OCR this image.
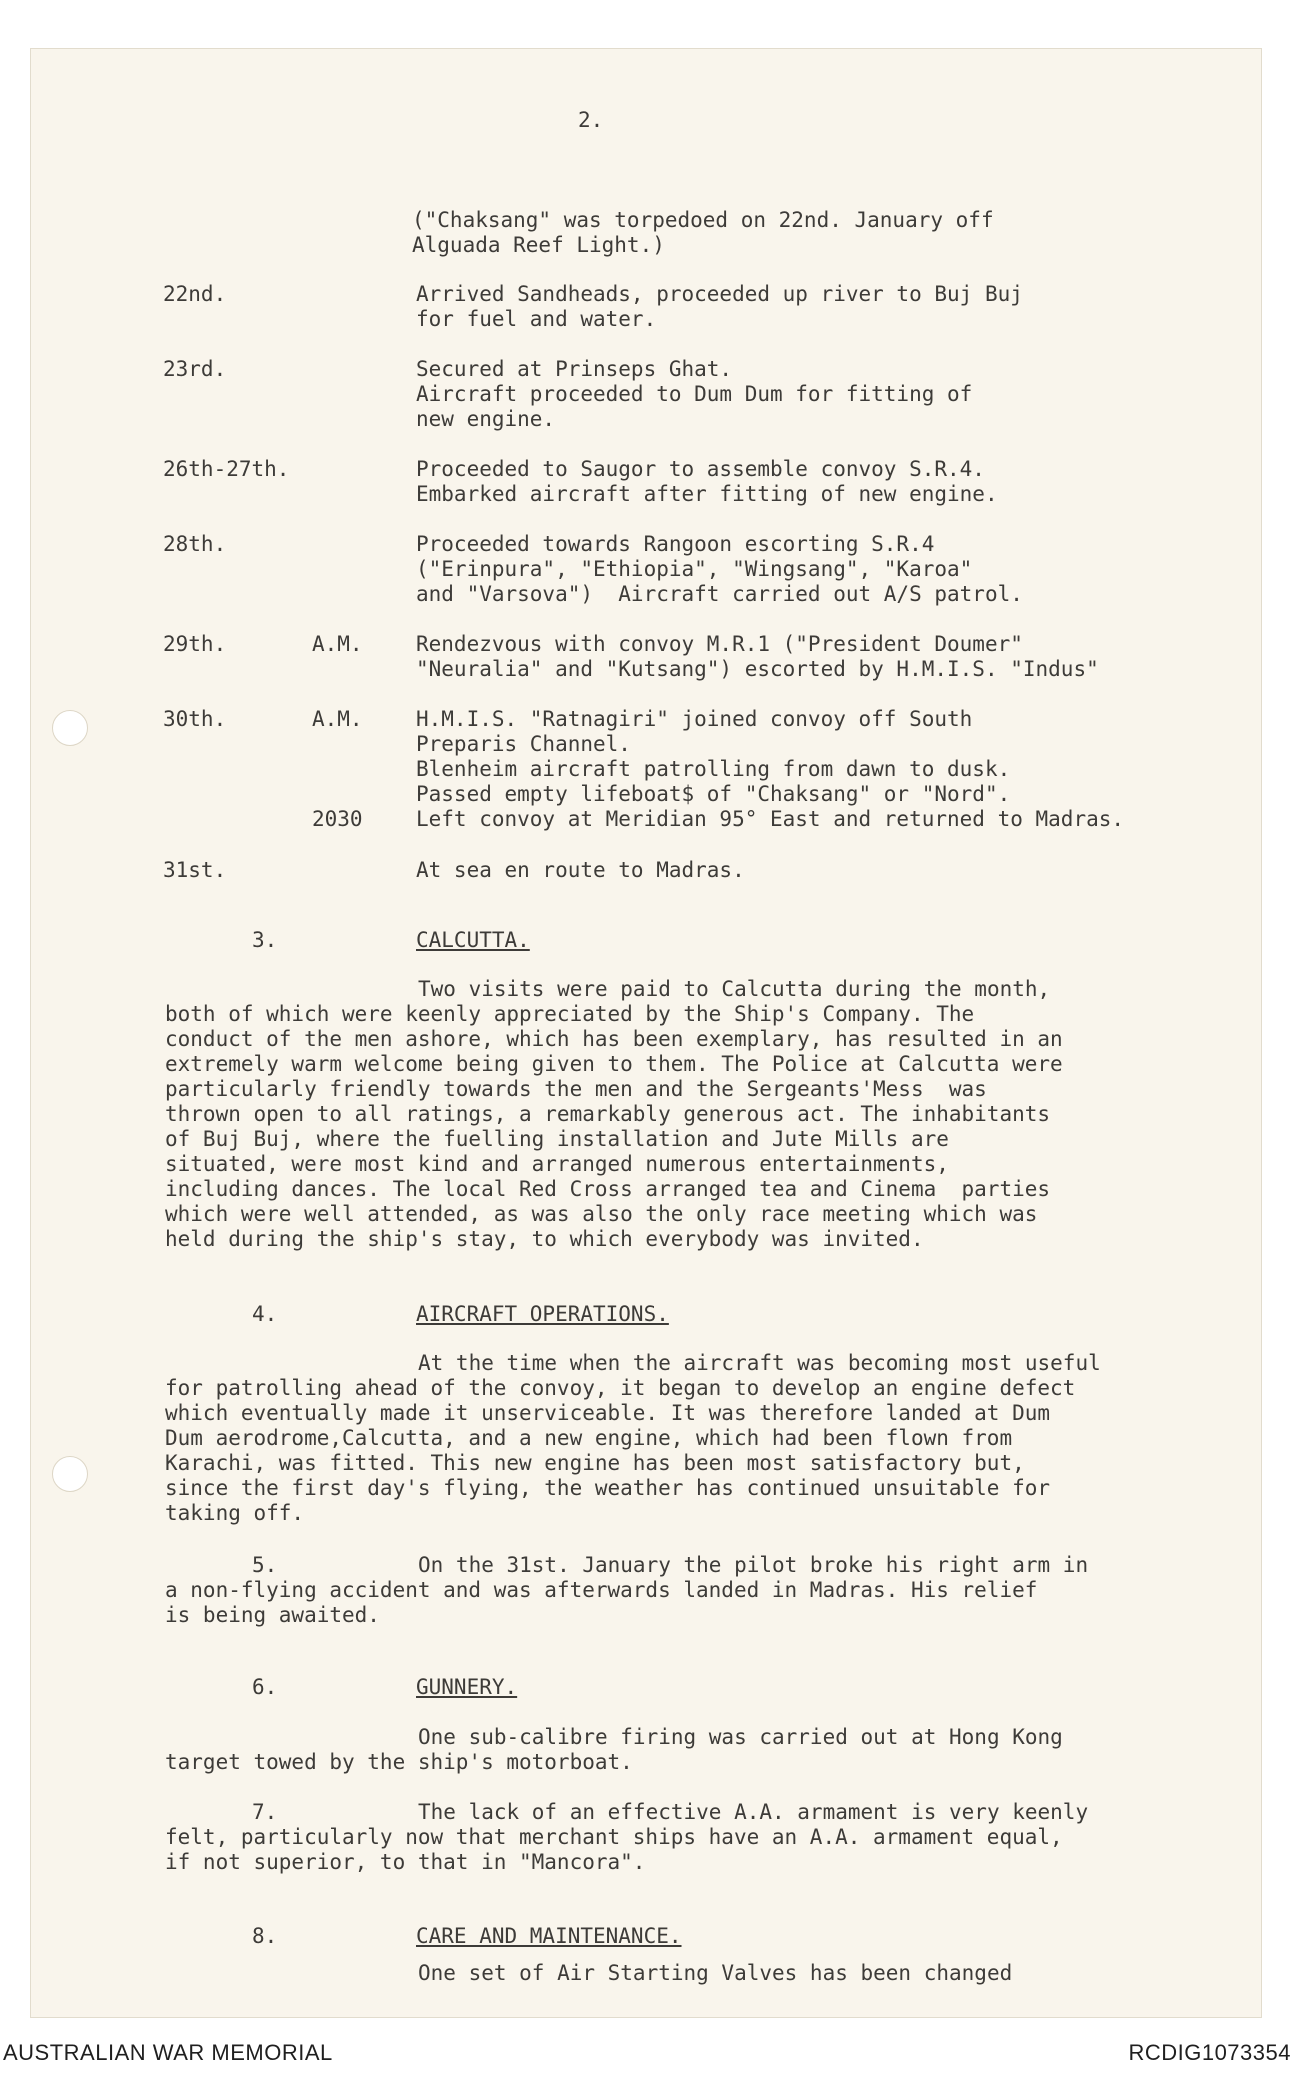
2.
("Chaksang" was torpedoed on 22nd. January off
Alguada Reef Light.)
22nd.	Arrived Sandheads, proceeded up river to Buj Buj
for fuel and water.
23rd.	Secured at Prinseps Ghat.
Aircraft proceeded to Dum Dum for fitting of
new engine.
26th-27th.	Proceeded to Saugor to assemble convoy S.R.4.
Embarked aircraft after fitting of new engine.
28th.	Proceeded towards Rangoon escorting S.R.4
("Erinpura", "Ethiopia", "Wingsang", "Karoa"
and "Varsova")  Aircraft carried out A/S patrol.
29th.	A.M.	Rendezvous with convoy M.R.1 ("President Doumer"
"Neuralia" and "Kutsang") escorted by H.M.I.S. "Indus"
30th.	A.M.	H.M.I.S. "Ratnagiri" joined convoy off South
Preparis Channel.
Blenheim aircraft patrolling from dawn to dusk.
Passed empty lifeboat$ of "Chaksang" or "Nord".
2030	Left convoy at Meridian 95° East and returned to Madras.
31st.	At sea en route to Madras.
3.	CALCUTTA.
Two visits were paid to Calcutta during the month,
both of which were keenly appreciated by the Ship's Company. The
conduct of the men ashore, which has been exemplary, has resulted in an
extremely warm welcome being given to them. The Police at Calcutta were
particularly friendly towards the men and the Sergeants'Mess  was
thrown open to all ratings, a remarkably generous act. The inhabitants
of Buj Buj, where the fuelling installation and Jute Mills are
situated, were most kind and arranged numerous entertainments,
including dances. The local Red Cross arranged tea and Cinema  parties
which were well attended, as was also the only race meeting which was
held during the ship's stay, to which everybody was invited.
4.	AIRCRAFT OPERATIONS.
At the time when the aircraft was becoming most useful
for patrolling ahead of the convoy, it began to develop an engine defect
which eventually made it unserviceable. It was therefore landed at Dum
Dum aerodrome,Calcutta, and a new engine, which had been flown from
Karachi, was fitted. This new engine has been most satisfactory but,
since the first day's flying, the weather has continued unsuitable for
taking off.
5.	On the 31st. January the pilot broke his right arm in
a non-flying accident and was afterwards landed in Madras. His relief
is being awaited.
6.	GUNNERY.
One sub-calibre firing was carried out at Hong Kong
target towed by the ship's motorboat.
7.	The lack of an effective A.A. armament is very keenly
felt, particularly now that merchant ships have an A.A. armament equal,
if not superior, to that in "Mancora".
8.	CARE AND MAINTENANCE.
One set of Air Starting Valves has been changed
AUSTRALIAN WAR MEMORIAL	RCDIG1073354
